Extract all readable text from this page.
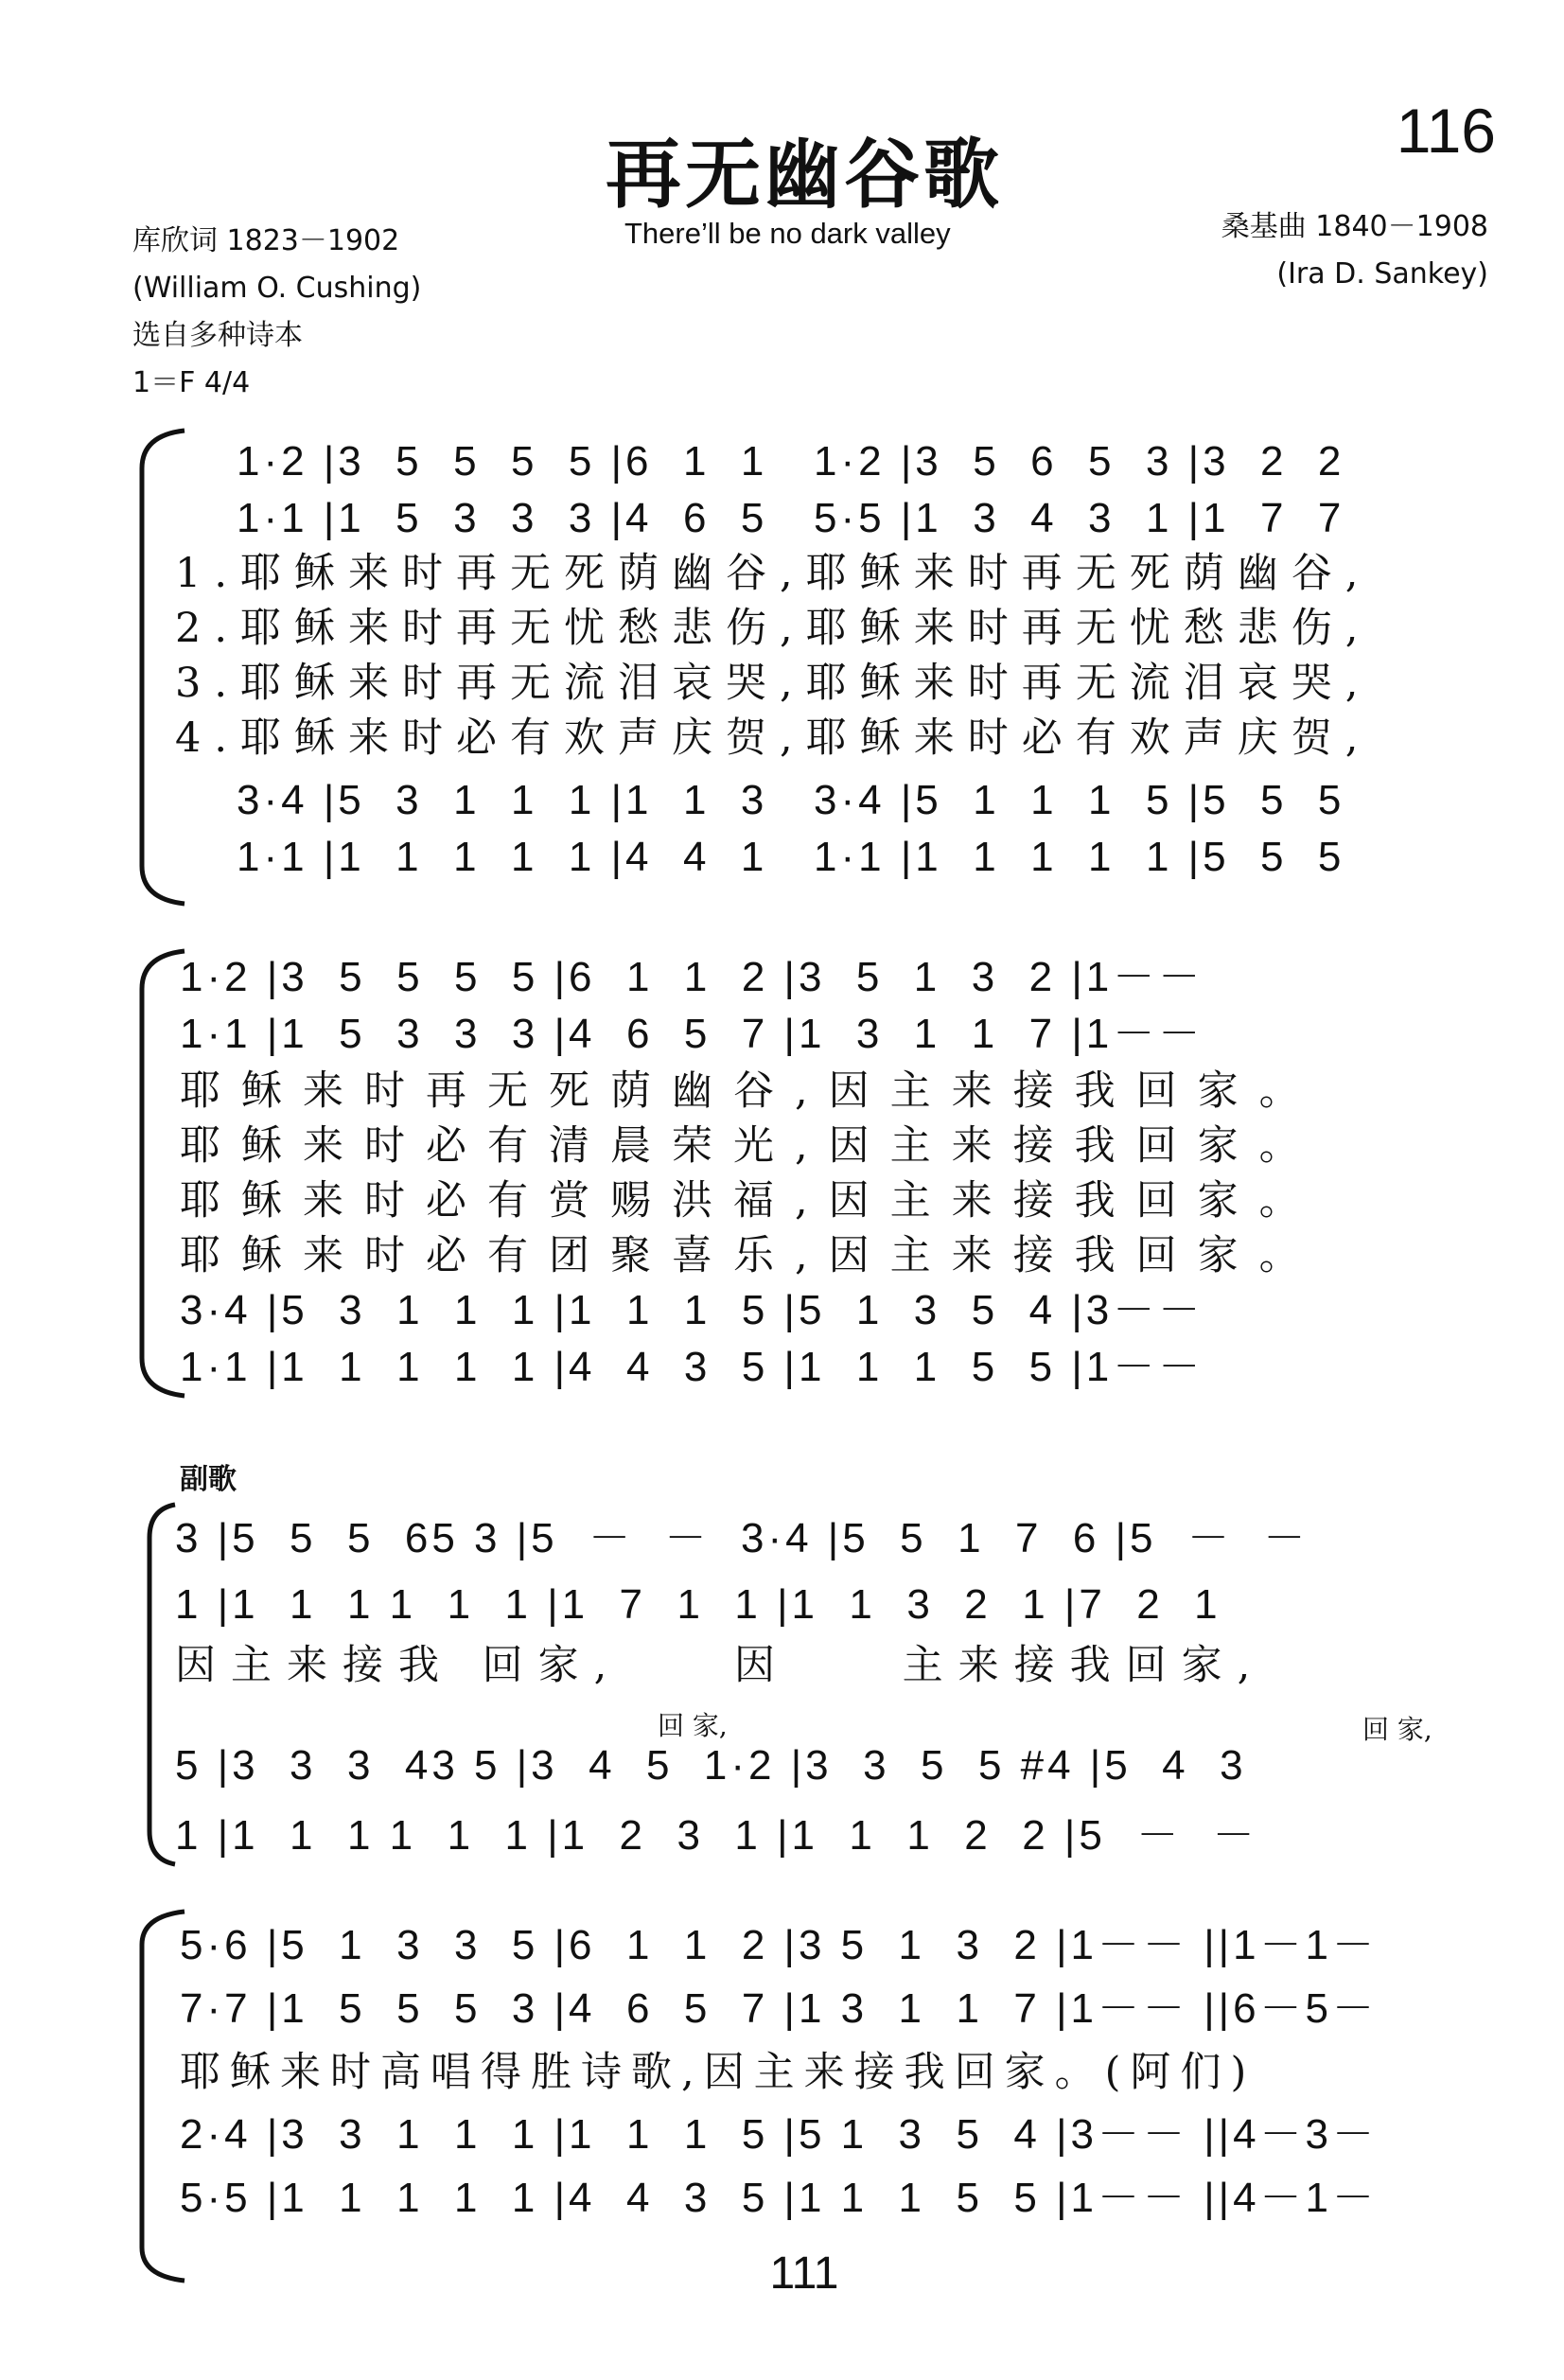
再无幽谷歌	116
库欣词 1823－1902
(William O. Cushing)
选自多种诗本
1＝F 4/4
There’ll be no dark valley	桑基曲 1840－1908
(Ira D. Sankey)
1·2 |3  5  5  5  5 |6  1  1   1·2 |3  5  6  5  3 |3  2  2
1·1 |1  5  3  3  3 |4  6  5   5·5 |1  3  4  3  1 |1  7  7
1.耶稣来时再无死荫幽谷,耶稣来时再无死荫幽谷,
2.耶稣来时再无忧愁悲伤,耶稣来时再无忧愁悲伤,
3.耶稣来时再无流泪哀哭,耶稣来时再无流泪哀哭,
4.耶稣来时必有欢声庆贺,耶稣来时必有欢声庆贺,
3·4 |5  3  1  1  1 |1  1  3   3·4 |5  1  1  1  5 |5  5  5
1·1 |1  1  1  1  1 |4  4  1   1·1 |1  1  1  1  1 |5  5  5
1·2 |3  5  5  5  5 |6  1  1  2 |3  5  1  3  2 |1－－
1·1 |1  5  3  3  3 |4  6  5  7 |1  3  1  1  7 |1－－
耶稣来时再无死荫幽谷,因主来接我回家。
耶稣来时必有清晨荣光,因主来接我回家。
耶稣来时必有赏赐洪福,因主来接我回家。
耶稣来时必有团聚喜乐,因主来接我回家。
3·4 |5  3  1  1  1 |1  1  1  5 |5  1  3  5  4 |3－－
1·1 |1  1  1  1  1 |4  4  3  5 |1  1  1  5  5 |1－－
副歌
3 |5  5  5  65 3 |5  －  －  3·4 |5  5  1  7  6 |5  －  －
1 |1  1  1 1  1  1 |1  7  1  1 |1  1  3  2  1 |7  2  1
因主来接我 回家,    因    主来接我回家,
回 家,	回 家,
5 |3  3  3  43 5 |3  4  5  1·2 |3  3  5  5 #4 |5  4  3
1 |1  1  1 1  1  1 |1  2  3  1 |1  1  1  2  2 |5  －  －
5·6 |5  1  3  3  5 |6  1  1  2 |3 5  1  3  2 |1－－ ||1－1－
7·7 |1  5  5  5  3 |4  6  5  7 |1 3  1  1  7 |1－－ ||6－5－
耶稣来时高唱得胜诗歌,因主来接我回家。(阿们)
2·4 |3  3  1  1  1 |1  1  1  5 |5 1  3  5  4 |3－－ ||4－3－
5·5 |1  1  1  1  1 |4  4  3  5 |1 1  1  5  5 |1－－ ||4－1－
111
